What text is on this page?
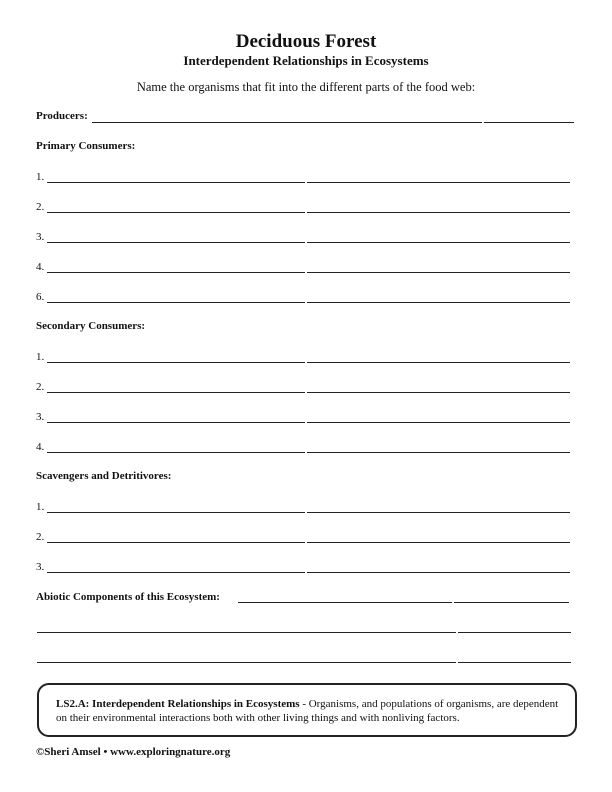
Deciduous Forest
Interdependent Relationships in Ecosystems
Name the organisms that fit into the different parts of the food web:
Producers:
Primary Consumers:
1.
2.
3.
4.
6.
Secondary Consumers:
1.
2.
3.
4.
Scavengers and Detritivores:
1.
2.
3.
Abiotic Components of this Ecosystem:
LS2.A: Interdependent Relationships in Ecosystems - Organisms, and populations of organisms, are dependent on their environmental interactions both with other living things and with nonliving factors.
©Sheri Amsel • www.exploringnature.org
